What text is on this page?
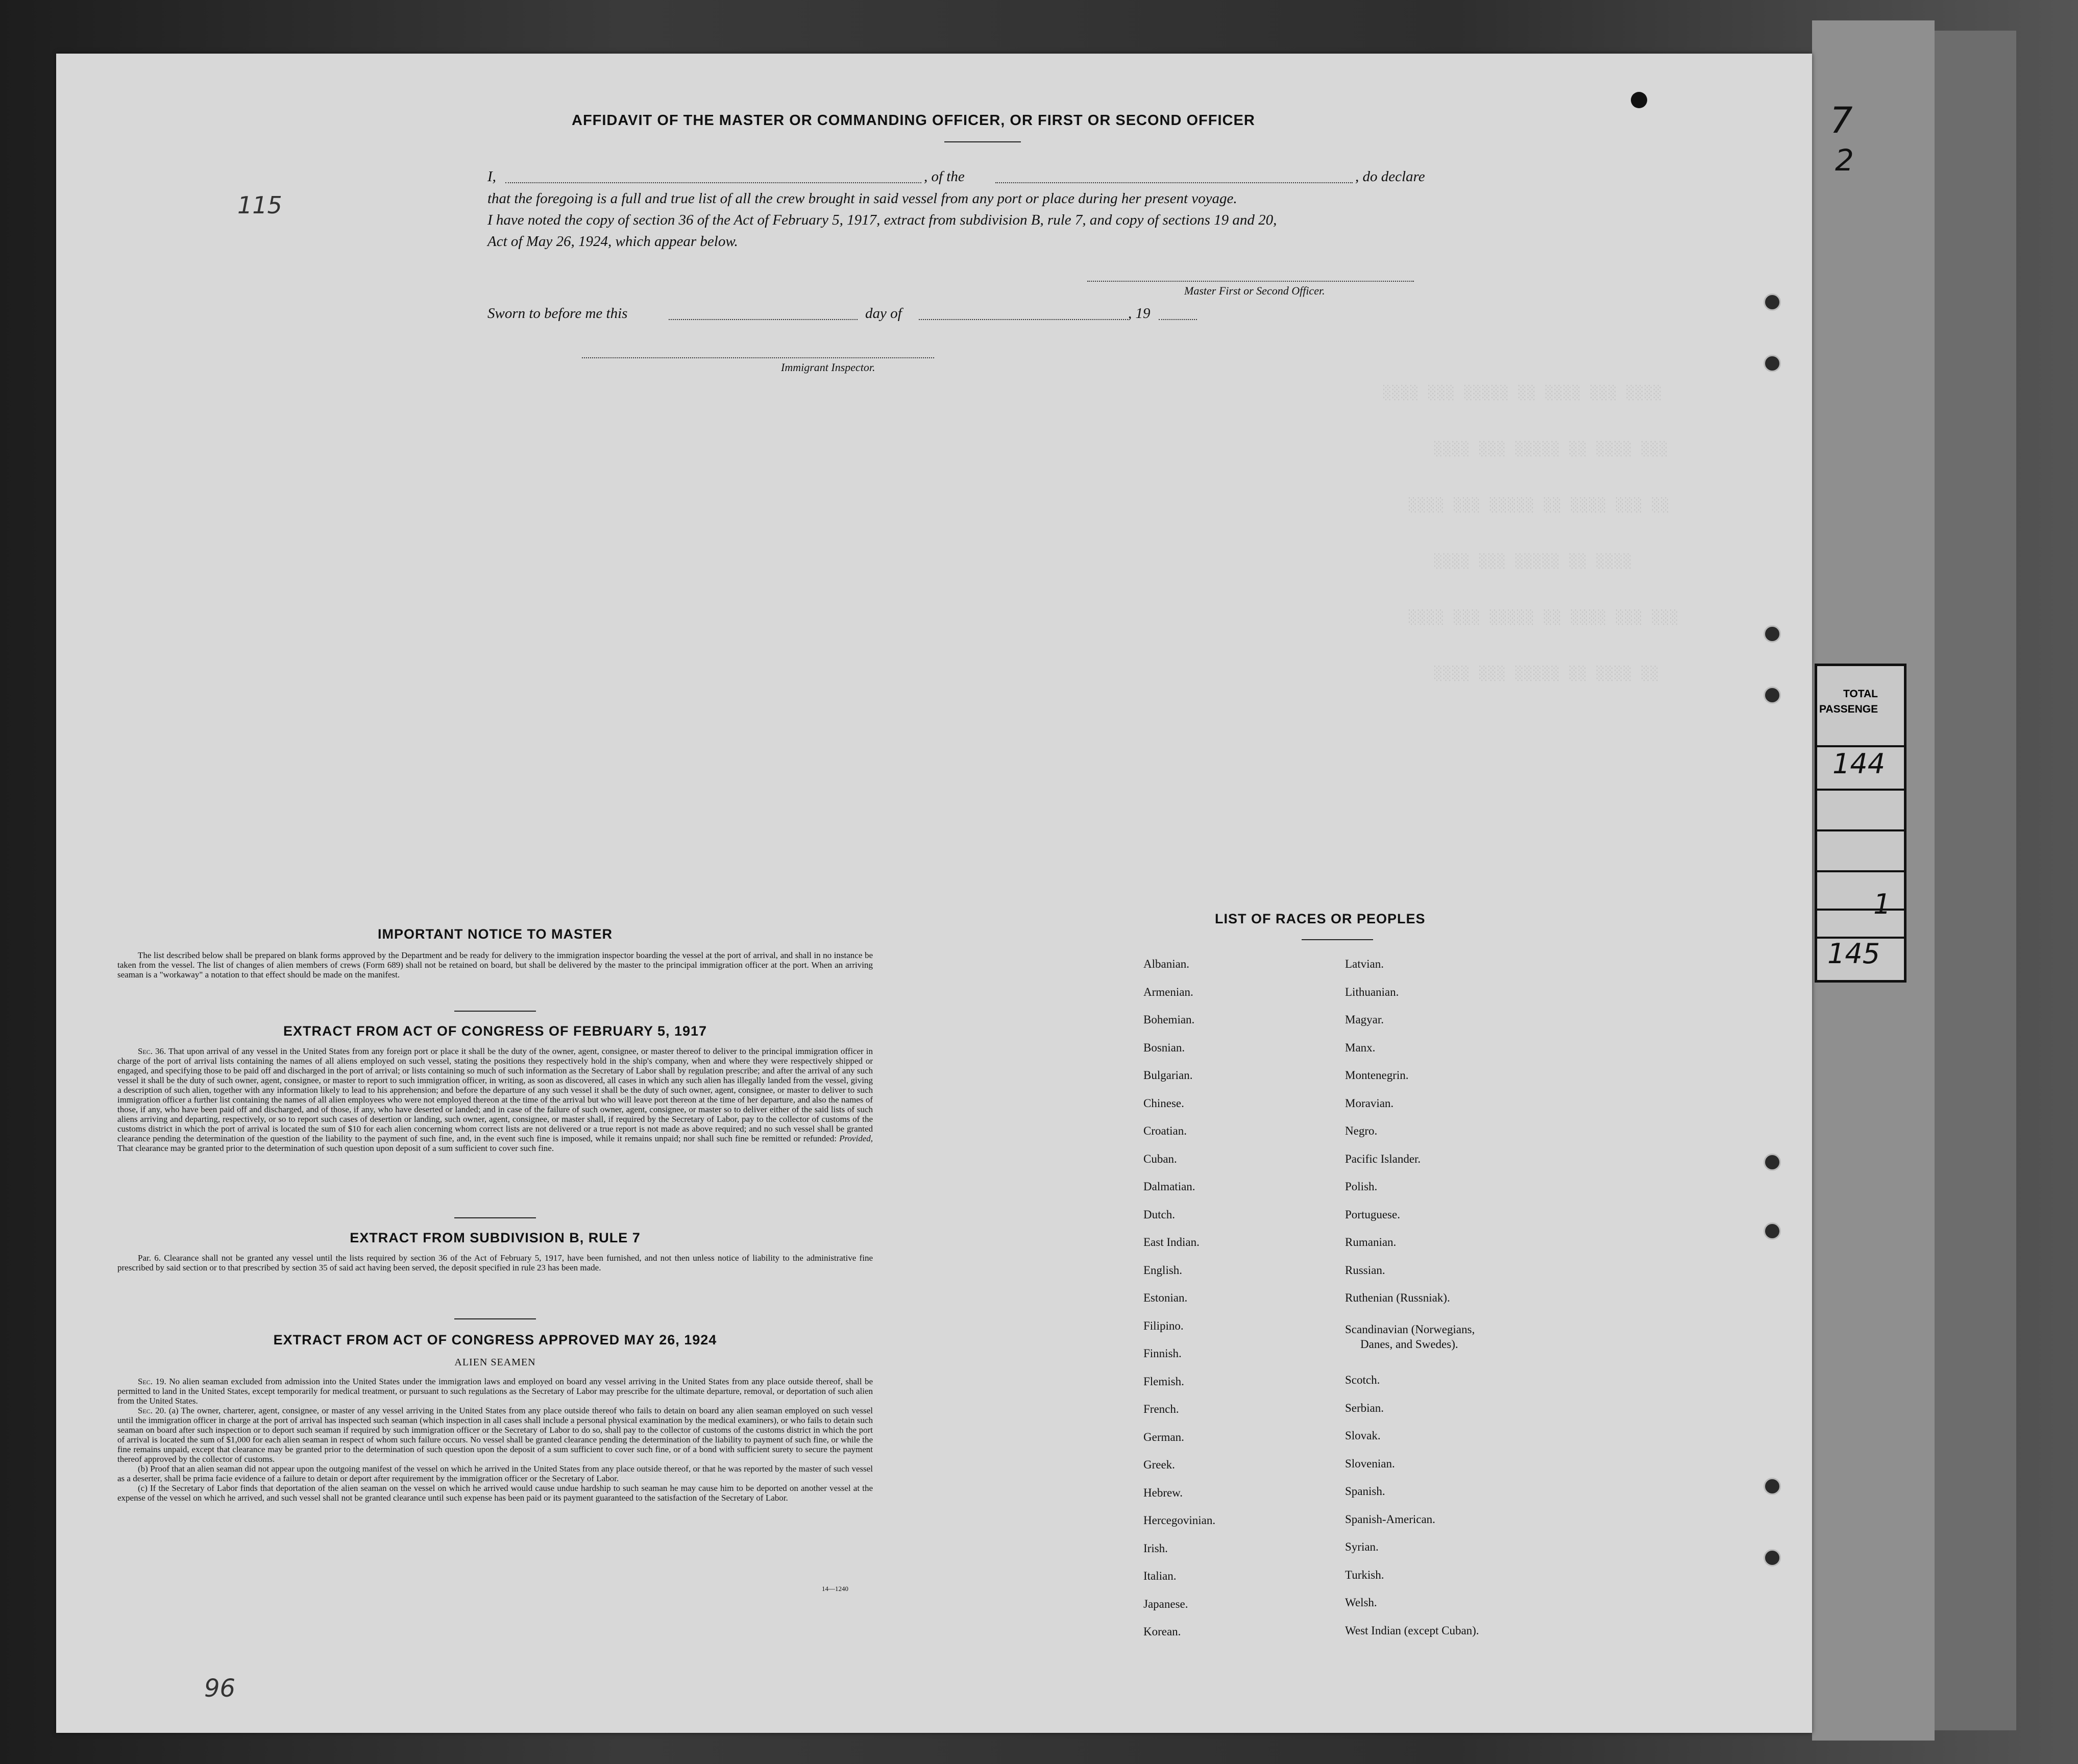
TOTAL
PASSENGE
144
1
145
7
2
░░░░ ░░░ ░░░░░ ░░ ░░░░ ░░░ ░░░░
░░░░ ░░░ ░░░░░ ░░ ░░░░ ░░░
░░░░ ░░░ ░░░░░ ░░ ░░░░ ░░░ ░░
░░░░ ░░░ ░░░░░ ░░ ░░░░
░░░░ ░░░ ░░░░░ ░░ ░░░░ ░░░ ░░░
░░░░ ░░░ ░░░░░ ░░ ░░░░ ░░
AFFIDAVIT OF THE MASTER OR COMMANDING OFFICER, OR FIRST OR SECOND OFFICER
115
I,	, of the	, do declare
that the foregoing is a full and true list of all the crew brought in said vessel from any port or place during her present voyage.
I have noted the copy of section 36 of the Act of February 5, 1917, extract from subdivision B, rule 7, and copy of sections 19 and 20,
Act of May 26, 1924, which appear below.
Master First or Second Officer.
Sworn to before me this	day of	, 19
Immigrant Inspector.
IMPORTANT NOTICE TO MASTER

The list described below shall be prepared on blank forms approved by the Department and be ready for delivery to the immigration inspector boarding the vessel at the port of arrival, and shall in no instance be taken from the vessel. The list of changes of alien members of crews (Form 689) shall not be retained on board, but shall be delivered by the master to the principal immigration officer at the port. When an arriving seaman is a "workaway" a notation to that effect should be made on the manifest.

EXTRACT FROM ACT OF CONGRESS OF FEBRUARY 5, 1917

Sec. 36. That upon arrival of any vessel in the United States from any foreign port or place it shall be the duty of the owner, agent, consignee, or master thereof to deliver to the principal immigration officer in charge of the port of arrival lists containing the names of all aliens employed on such vessel, stating the positions they respectively hold in the ship's company, when and where they were respectively shipped or engaged, and specifying those to be paid off and discharged in the port of arrival; or lists containing so much of such information as the Secretary of Labor shall by regulation prescribe; and after the arrival of any such vessel it shall be the duty of such owner, agent, consignee, or master to report to such immigration officer, in writing, as soon as discovered, all cases in which any such alien has illegally landed from the vessel, giving a description of such alien, together with any information likely to lead to his apprehension; and before the departure of any such vessel it shall be the duty of such owner, agent, consignee, or master to deliver to such immigration officer a further list containing the names of all alien employees who were not employed thereon at the time of the arrival but who will leave port thereon at the time of her departure, and also the names of those, if any, who have been paid off and discharged, and of those, if any, who have deserted or landed; and in case of the failure of such owner, agent, consignee, or master so to deliver either of the said lists of such aliens arriving and departing, respectively, or so to report such cases of desertion or landing, such owner, agent, consignee, or master shall, if required by the Secretary of Labor, pay to the collector of customs of the customs district in which the port of arrival is located the sum of $10 for each alien concerning whom correct lists are not delivered or a true report is not made as above required; and no such vessel shall be granted clearance pending the determination of the question of the liability to the payment of such fine, and, in the event such fine is imposed, while it remains unpaid; nor shall such fine be remitted or refunded: Provided, That clearance may be granted prior to the determination of such question upon deposit of a sum sufficient to cover such fine.

EXTRACT FROM SUBDIVISION B, RULE 7

Par. 6. Clearance shall not be granted any vessel until the lists required by section 36 of the Act of February 5, 1917, have been furnished, and not then unless notice of liability to the administrative fine prescribed by said section or to that prescribed by section 35 of said act having been served, the deposit specified in rule 23 has been made.

EXTRACT FROM ACT OF CONGRESS APPROVED MAY 26, 1924
ALIEN SEAMEN

Sec. 19. No alien seaman excluded from admission into the United States under the immigration laws and employed on board any vessel arriving in the United States from any place outside thereof, shall be permitted to land in the United States, except temporarily for medical treatment, or pursuant to such regulations as the Secretary of Labor may prescribe for the ultimate departure, removal, or deportation of such alien from the United States.

Sec. 20. (a) The owner, charterer, agent, consignee, or master of any vessel arriving in the United States from any place outside thereof who fails to detain on board any alien seaman employed on such vessel until the immigration officer in charge at the port of arrival has inspected such seaman (which inspection in all cases shall include a personal physical examination by the medical examiners), or who fails to detain such seaman on board after such inspection or to deport such seaman if required by such immigration officer or the Secretary of Labor to do so, shall pay to the collector of customs of the customs district in which the port of arrival is located the sum of $1,000 for each alien seaman in respect of whom such failure occurs. No vessel shall be granted clearance pending the determination of the liability to payment of such fine, or while the fine remains unpaid, except that clearance may be granted prior to the determination of such question upon the deposit of a sum sufficient to cover such fine, or of a bond with sufficient surety to secure the payment thereof approved by the collector of customs.

(b) Proof that an alien seaman did not appear upon the outgoing manifest of the vessel on which he arrived in the United States from any place outside thereof, or that he was reported by the master of such vessel as a deserter, shall be prima facie evidence of a failure to detain or deport after requirement by the immigration officer or the Secretary of Labor.

(c) If the Secretary of Labor finds that deportation of the alien seaman on the vessel on which he arrived would cause undue hardship to such seaman he may cause him to be deported on another vessel at the expense of the vessel on which he arrived, and such vessel shall not be granted clearance until such expense has been paid or its payment guaranteed to the satisfaction of the Secretary of Labor.

14—1240
96
LIST OF RACES OR PEOPLES
Albanian.
Armenian.
Bohemian.
Bosnian.
Bulgarian.
Chinese.
Croatian.
Cuban.
Dalmatian.
Dutch.
East Indian.
English.
Estonian.
Filipino.
Finnish.
Flemish.
French.
German.
Greek.
Hebrew.
Hercegovinian.
Irish.
Italian.
Japanese.
Korean.
Latvian.
Lithuanian.
Magyar.
Manx.
Montenegrin.
Moravian.
Negro.
Pacific Islander.
Polish.
Portuguese.
Rumanian.
Russian.
Ruthenian (Russniak).
Scandinavian (Norwegians,
Danes, and Swedes).
Scotch.
Serbian.
Slovak.
Slovenian.
Spanish.
Spanish-American.
Syrian.
Turkish.
Welsh.
West Indian (except Cuban).
